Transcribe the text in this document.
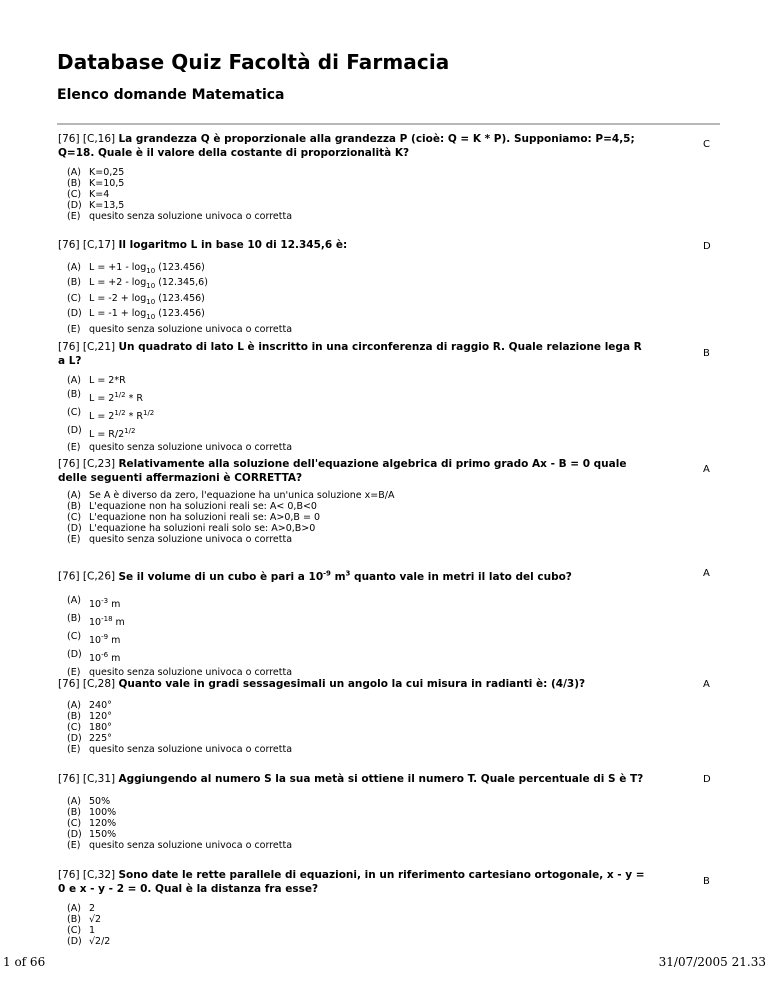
Database Quiz Facoltà di Farmacia
Elenco domande Matematica
[76] [C,16] La grandezza Q è proporzionale alla grandezza P (cioè: Q = K * P). Supponiamo: P=4,5; Q=18. Quale è il valore della costante di proporzionalità K?
C
(A) K=0,25
(B) K=10,5
(C) K=4
(D) K=13,5
(E) quesito senza soluzione univoca o corretta
[76] [C,17] Il logaritmo L in base 10 di 12.345,6 è:	D
(A) $L = +1 - \log_{10} (123.456)$
(B) $L = +2 - \log_{10} (12.345,6)$
(C) $L = -2 + \log_{10} (123.456)$
(D) $L = -1 + \log_{10} (123.456)$
(E) quesito senza soluzione univoca o corretta
[76] [C,21] Un quadrato di lato L è inscritto in una circonferenza di raggio R. Quale relazione lega R a L?
B
(A) L = 2*R
(B) $L = 2^{1/2} * R$
(C) $L = 2^{1/2} * R^{1/2}$
(D) $L = R/2^{1/2}$
(E) quesito senza soluzione univoca o corretta
[76] [C,23] Relativamente alla soluzione dell'equazione algebrica di primo grado Ax - B = 0 quale delle seguenti affermazioni è CORRETTA?
A
(A) Se A è diverso da zero, l'equazione ha un'unica soluzione x=B/A
(B) L'equazione non ha soluzioni reali se: A< 0,B<0
(C) L'equazione non ha soluzioni reali se: A>0,B = 0
(D) L'equazione ha soluzioni reali solo se: A>0,B>0
(E) quesito senza soluzione univoca o corretta
[76] [C,26] Se il volume di un cubo è pari a $10^{-9}$ $m^3$ quanto vale in metri il lato del cubo?	A
(A) $10^{-3}$ m
(B) $10^{-18}$ m
(C) $10^{-9}$ m
(D) $10^{-6}$ m
(E) quesito senza soluzione univoca o corretta
[76] [C,28] Quanto vale in gradi sessagesimali un angolo la cui misura in radianti è: (4/3)?	A
(A) 240°
(B) 120°
(C) 180°
(D) 225°
(E) quesito senza soluzione univoca o corretta
[76] [C,31] Aggiungendo al numero S la sua metà si ottiene il numero T. Quale percentuale di S è T?	D
(A) 50%
(B) 100%
(C) 120%
(D) 150%
(E) quesito senza soluzione univoca o corretta
[76] [C,32] Sono date le rette parallele di equazioni, in un riferimento cartesiano ortogonale, x - y = 0 e x - y - 2 = 0. Qual è la distanza fra esse?
B
(A) 2
(B) √2
(C) 1
(D) √2/2
1 of 66	31/07/2005 21.33
